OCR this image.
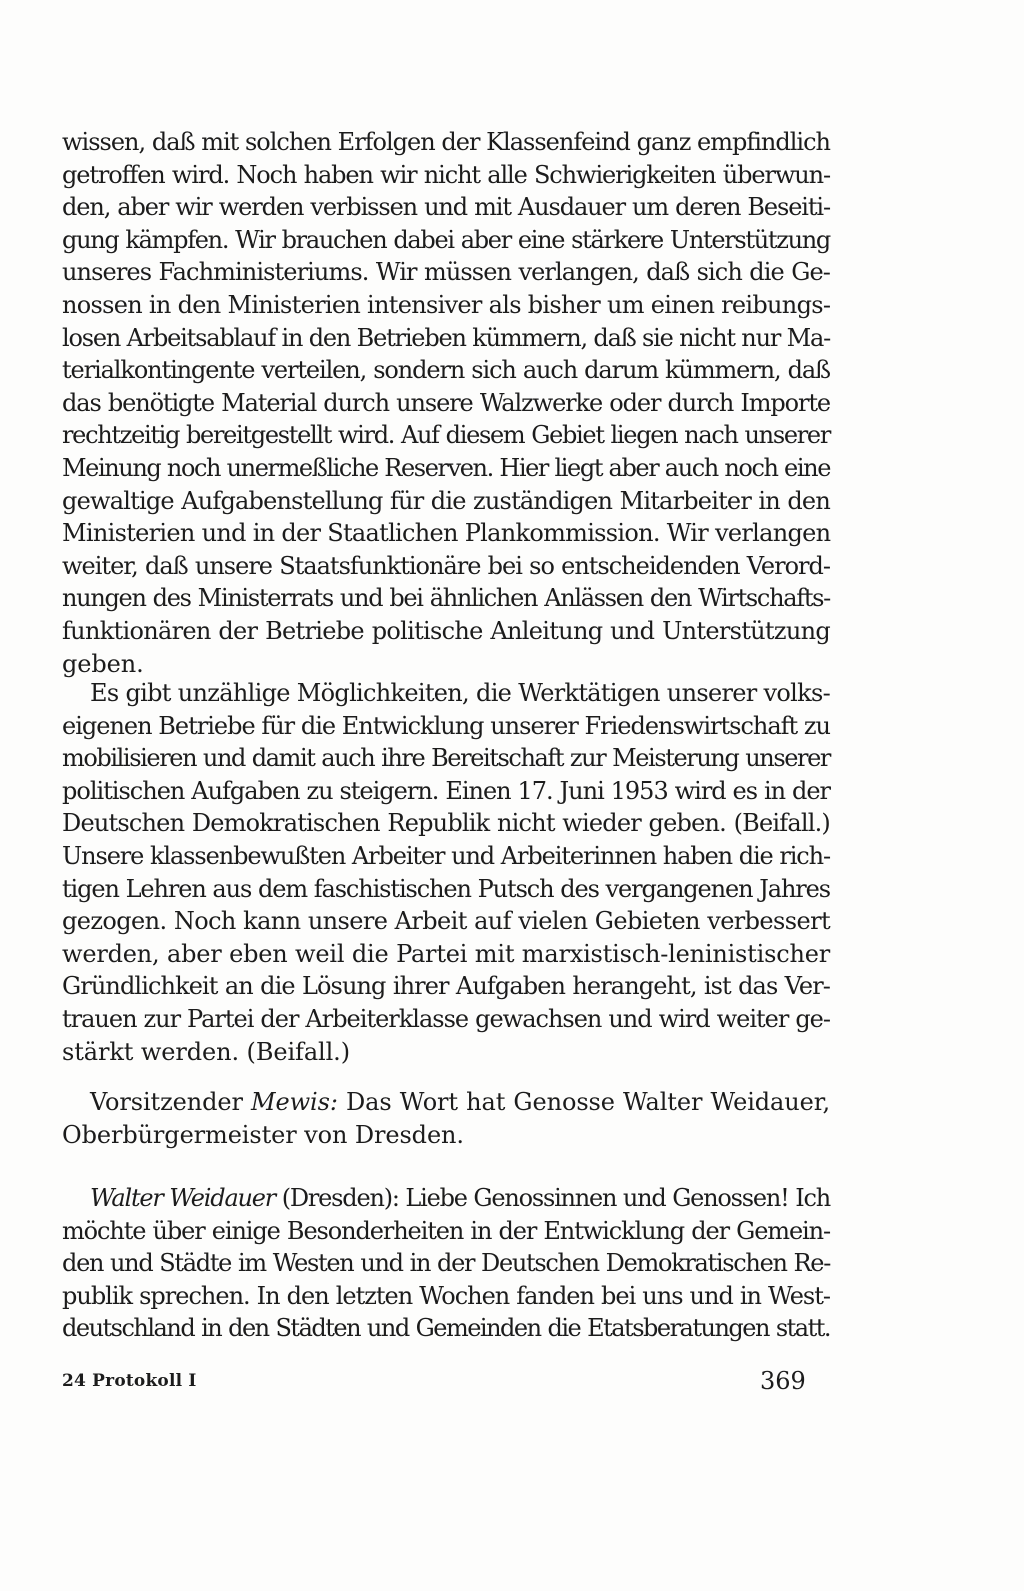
wissen, daß mit solchen Erfolgen der Klassenfeind ganz empfindlich
getroffen wird. Noch haben wir nicht alle Schwierigkeiten überwun-
den, aber wir werden verbissen und mit Ausdauer um deren Beseiti-
gung kämpfen. Wir brauchen dabei aber eine stärkere Unterstützung
unseres Fachministeriums. Wir müssen verlangen, daß sich die Ge-
nossen in den Ministerien intensiver als bisher um einen reibungs-
losen Arbeitsablauf in den Betrieben kümmern, daß sie nicht nur Ma-
terialkontingente verteilen, sondern sich auch darum kümmern, daß
das benötigte Material durch unsere Walzwerke oder durch Importe
rechtzeitig bereitgestellt wird. Auf diesem Gebiet liegen nach unserer
Meinung noch unermeßliche Reserven. Hier liegt aber auch noch eine
gewaltige Aufgabenstellung für die zuständigen Mitarbeiter in den
Ministerien und in der Staatlichen Plankommission. Wir verlangen
weiter, daß unsere Staatsfunktionäre bei so entscheidenden Verord-
nungen des Ministerrats und bei ähnlichen Anlässen den Wirtschafts-
funktionären der Betriebe politische Anleitung und Unterstützung
geben.
Es gibt unzählige Möglichkeiten, die Werktätigen unserer volks-
eigenen Betriebe für die Entwicklung unserer Friedenswirtschaft zu
mobilisieren und damit auch ihre Bereitschaft zur Meisterung unserer
politischen Aufgaben zu steigern. Einen 17. Juni 1953 wird es in der
Deutschen Demokratischen Republik nicht wieder geben. (Beifall.)
Unsere klassenbewußten Arbeiter und Arbeiterinnen haben die rich-
tigen Lehren aus dem faschistischen Putsch des vergangenen Jahres
gezogen. Noch kann unsere Arbeit auf vielen Gebieten verbessert
werden, aber eben weil die Partei mit marxistisch-leninistischer
Gründlichkeit an die Lösung ihrer Aufgaben herangeht, ist das Ver-
trauen zur Partei der Arbeiterklasse gewachsen und wird weiter ge-
stärkt werden. (Beifall.)
Vorsitzender Mewis: Das Wort hat Genosse Walter Weidauer,
Oberbürgermeister von Dresden.
Walter Weidauer (Dresden): Liebe Genossinnen und Genossen! Ich
möchte über einige Besonderheiten in der Entwicklung der Gemein-
den und Städte im Westen und in der Deutschen Demokratischen Re-
publik sprechen. In den letzten Wochen fanden bei uns und in West-
deutschland in den Städten und Gemeinden die Etatsberatungen statt.
24 Protokoll I	369
